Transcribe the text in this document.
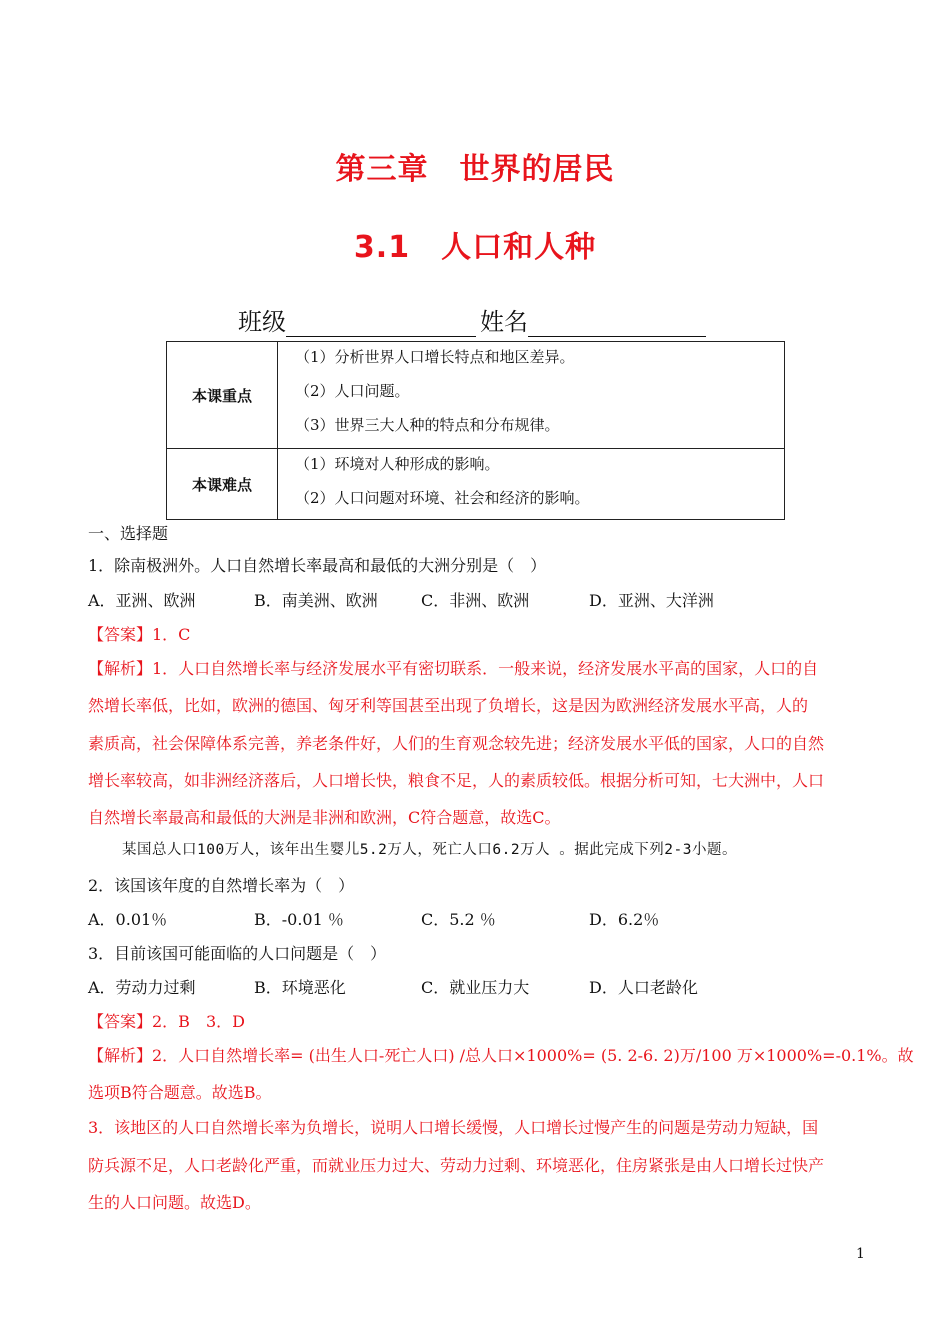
第三章　世界的居民
3.1　人口和人种
班级	姓名
本课重点	（1）分析世界人口增长特点和地区差异。
（2）人口问题。
（3）世界三大人种的特点和分布规律。

本课难点	（1）环境对人种形成的影响。
（2）人口问题对环境、社会和经济的影响。
一、选择题
1．除南极洲外。人口自然增长率最高和最低的大洲分别是（　）
A．亚洲、欧洲	B．南美洲、欧洲	C．非洲、欧洲	D．亚洲、大洋洲
【答案】1．C
【解析】1．人口自然增长率与经济发展水平有密切联系．一般来说，经济发展水平高的国家，人口的自
然增长率低，比如，欧洲的德国、匈牙利等国甚至出现了负增长，这是因为欧洲经济发展水平高，人的
素质高，社会保障体系完善，养老条件好，人们的生育观念较先进；经济发展水平低的国家，人口的自然
增长率较高，如非洲经济落后，人口增长快，粮食不足，人的素质较低。根据分析可知，七大洲中，人口
自然增长率最高和最低的大洲是非洲和欧洲，C符合题意，故选C。
某国总人口100万人，该年出生婴儿5.2万人，死亡人口6.2万人 。据此完成下列2-3小题。
2．该国该年度的自然增长率为（　）
A．0.01％	B．-0.01 ％	C．5.2 ％	D．6.2％
3．目前该国可能面临的人口问题是（　）
A．劳动力过剩	B．环境恶化	C．就业压力大	D．人口老龄化
【答案】2．B　3．D
【解析】2．人口自然增长率= (出生人口-死亡人口) /总人口×1000%= (5. 2-6. 2)万/100 万×1000%=-0.1%。故
选项B符合题意。故选B。
3．该地区的人口自然增长率为负增长，说明人口增长缓慢，人口增长过慢产生的问题是劳动力短缺，国
防兵源不足，人口老龄化严重，而就业压力过大、劳动力过剩、环境恶化，住房紧张是由人口增长过快产
生的人口问题。故选D。
1
